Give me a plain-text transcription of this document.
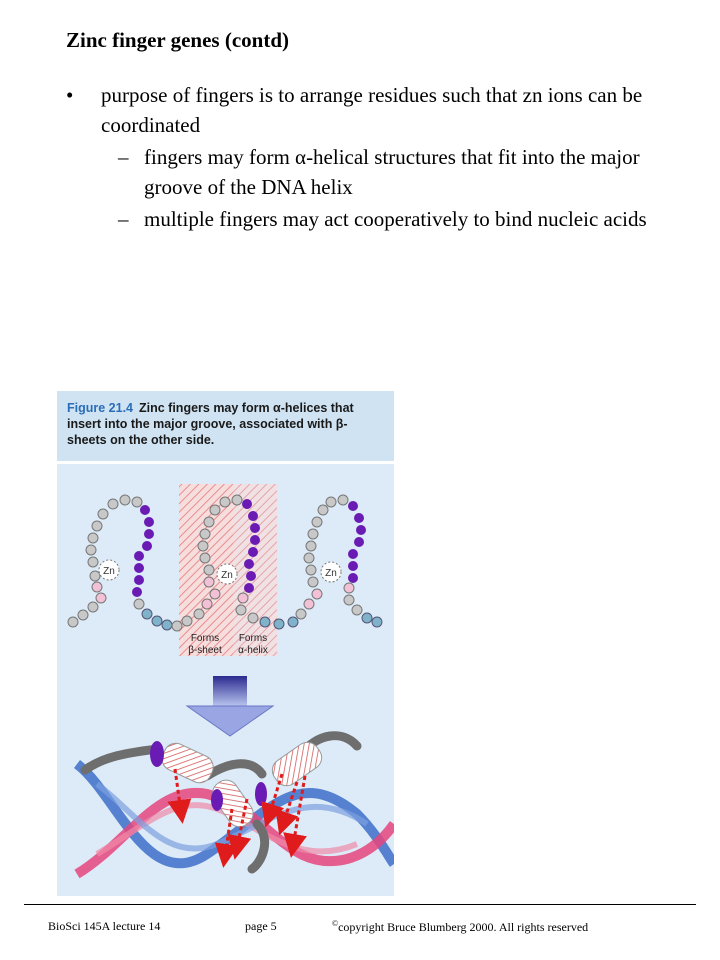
Zinc finger genes (contd)
• purpose of fingers is to arrange residues such that zn ions can be coordinated
– fingers may form α-helical structures that fit into the major groove of the DNA helix
– multiple fingers may act cooperatively to bind nucleic acids
Figure 21.4 Zinc fingers may form α-helices that insert into the major groove, associated with β-sheets on the other side.
Zn	Zn	Zn
Forms
β-sheet
Forms
α-helix
BioSci 145A lecture 14	page 5	©copyright Bruce Blumberg 2000. All rights reserved
